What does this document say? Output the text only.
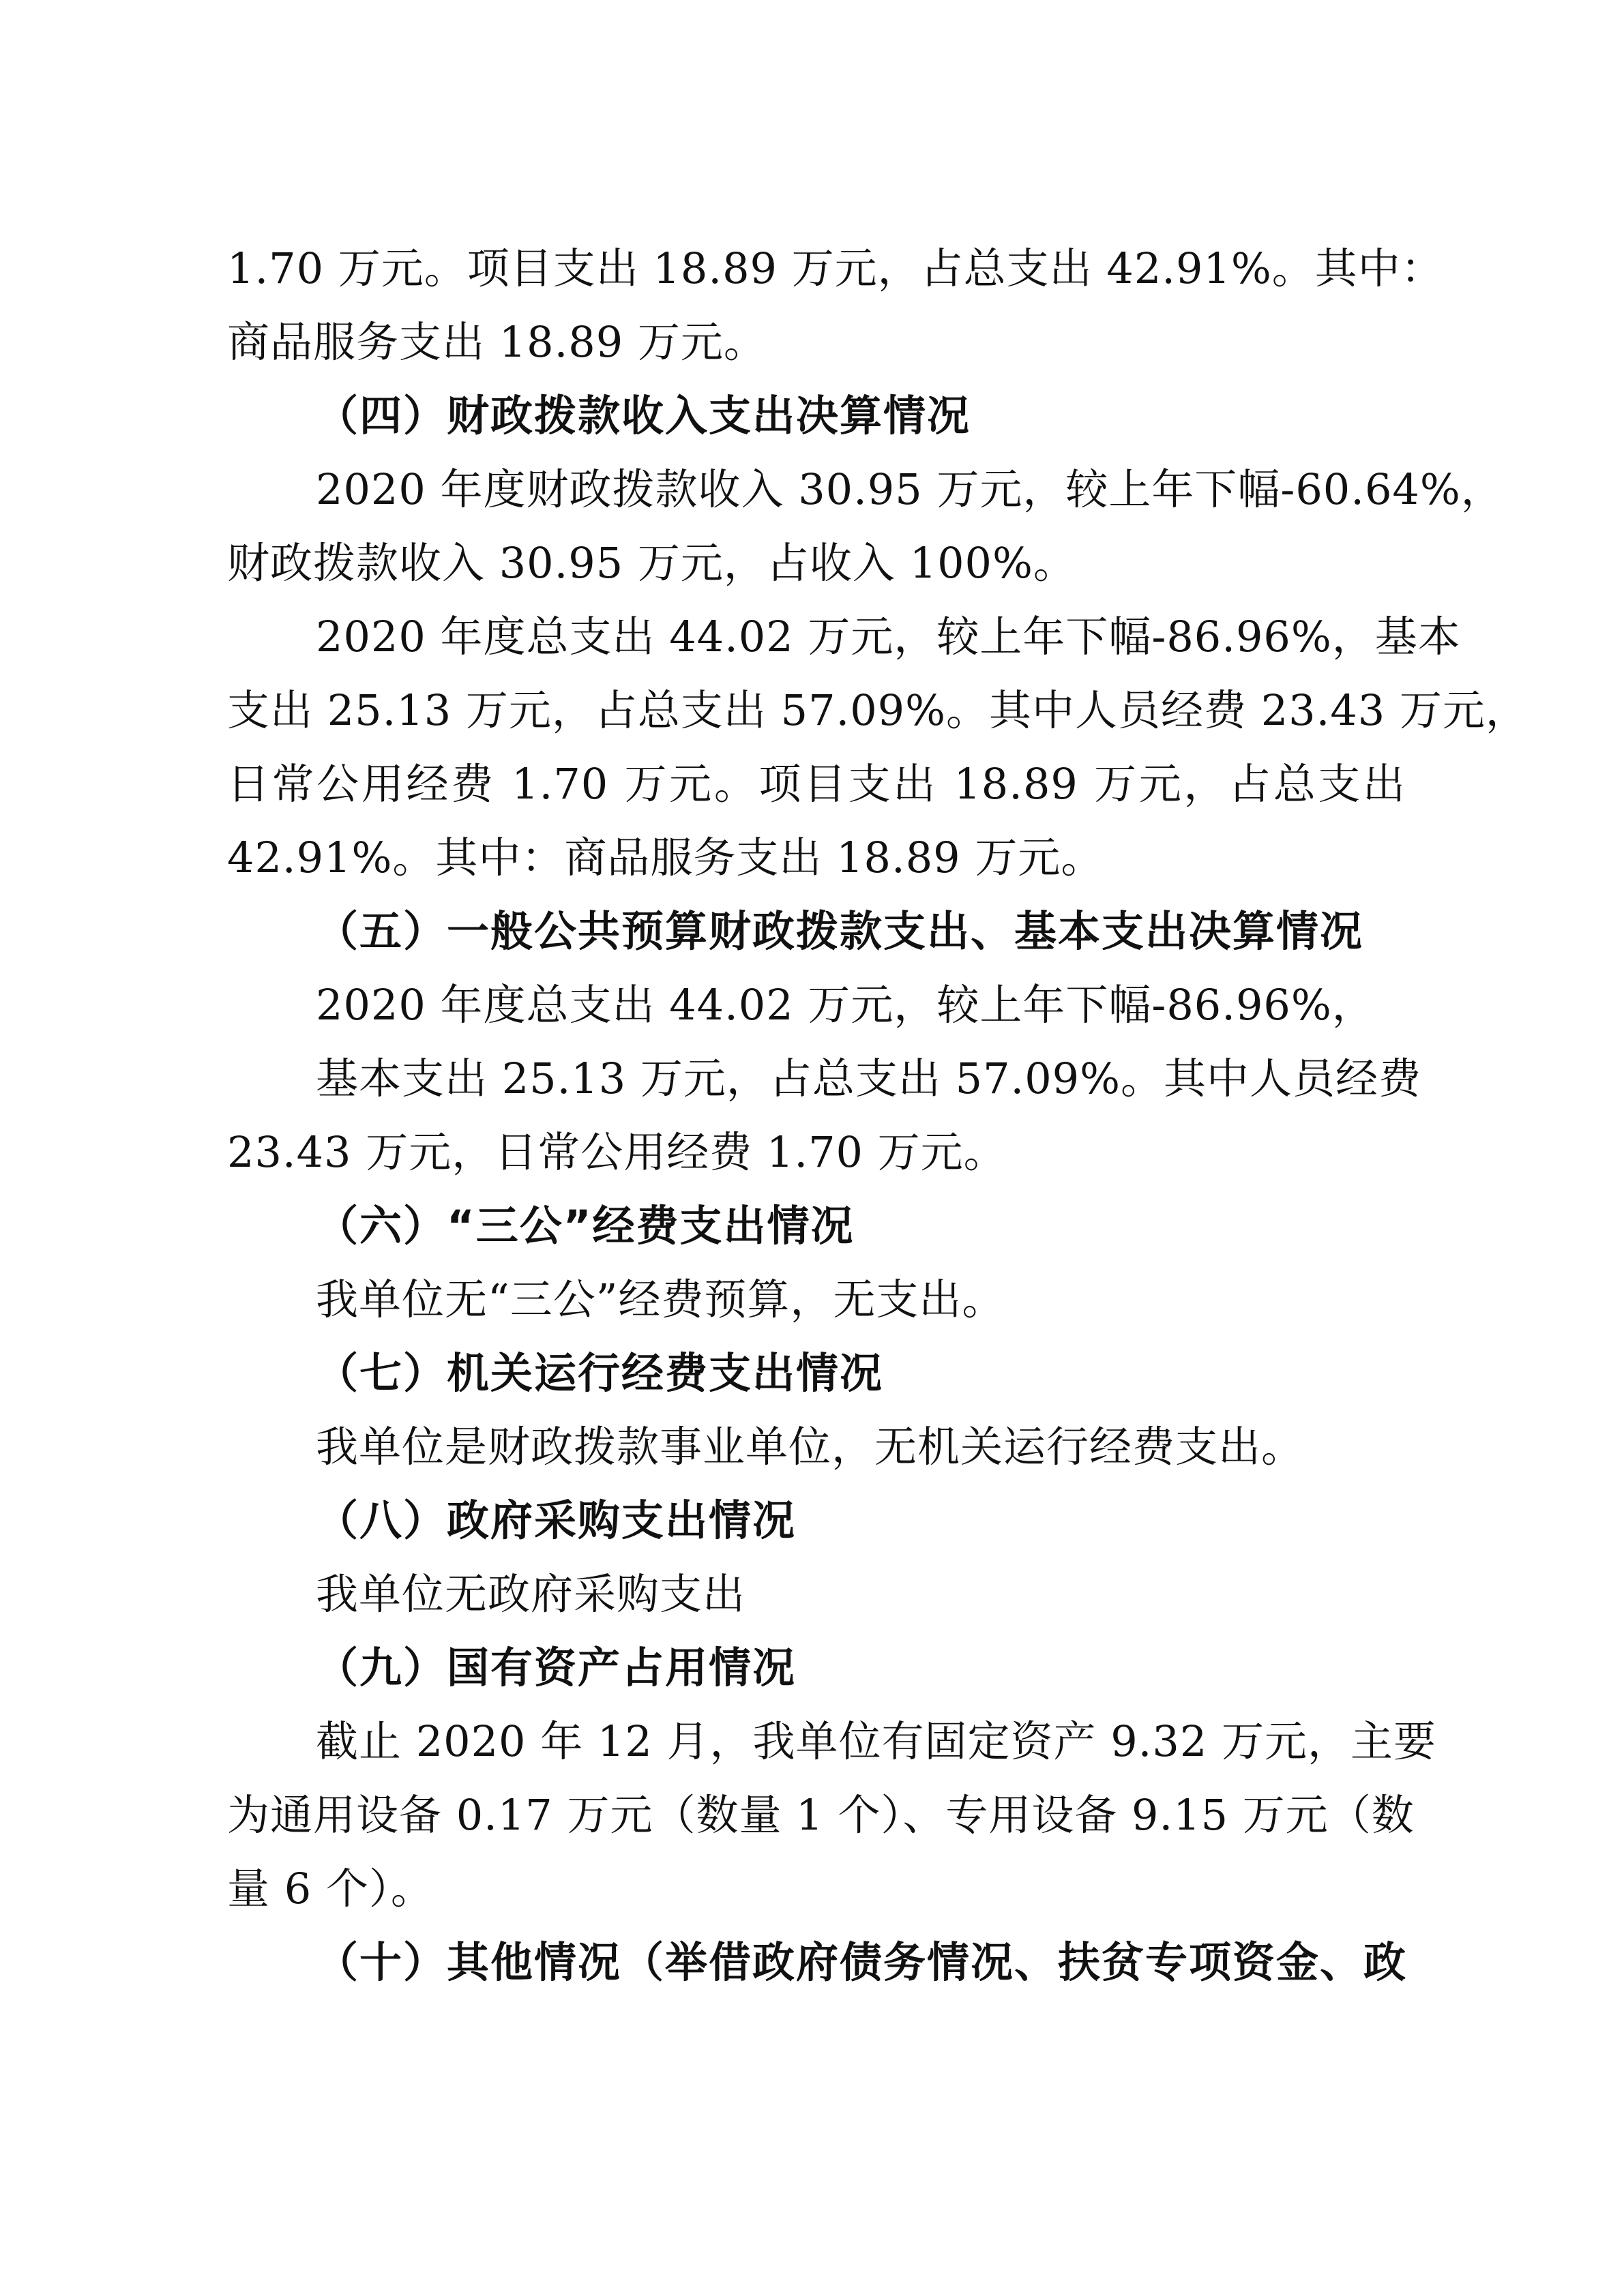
1.70 万元。项目支出 18.89 万元，占总支出 42.91%。其中：
商品服务支出 18.89 万元。
（四）财政拨款收入支出决算情况
2020 年度财政拨款收入 30.95 万元，较上年下幅-60.64%，
财政拨款收入 30.95 万元，占收入 100%。
2020 年度总支出 44.02 万元，较上年下幅-86.96%，基本
支出 25.13 万元，占总支出 57.09%。其中人员经费 23.43 万元，
日常公用经费 1.70 万元。项目支出 18.89 万元，占总支出
42.91%。其中：商品服务支出 18.89 万元。
（五）一般公共预算财政拨款支出、基本支出决算情况
2020 年度总支出 44.02 万元，较上年下幅-86.96%，
基本支出 25.13 万元，占总支出 57.09%。其中人员经费
23.43 万元，日常公用经费 1.70 万元。
（六）“三公”经费支出情况
我单位无“三公”经费预算，无支出。
（七）机关运行经费支出情况
我单位是财政拨款事业单位，无机关运行经费支出。
（八）政府采购支出情况
我单位无政府采购支出
（九）国有资产占用情况
截止 2020 年 12 月，我单位有固定资产 9.32 万元，主要
为通用设备 0.17 万元（数量 1 个）、专用设备 9.15 万元（数
量 6 个）。
（十）其他情况（举借政府债务情况、扶贫专项资金、政
